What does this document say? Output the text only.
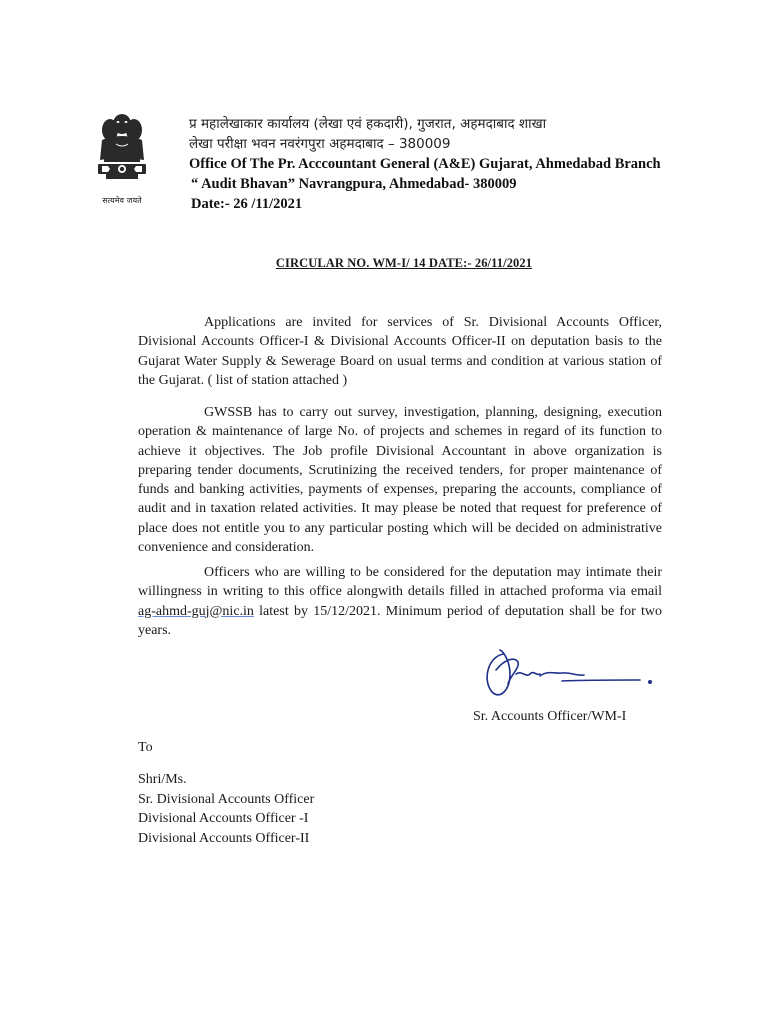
सत्यमेव जयते
प्र महालेखाकार कार्यालय (लेखा एवं हकदारी), गुजरात, अहमदाबाद शाखा
लेखा परीक्षा भवन नवरंगपुरा अहमदाबाद – 380009
Office Of The Pr. Acccountant General (A&E) Gujarat, Ahmedabad Branch
“ Audit Bhavan” Navrangpura, Ahmedabad- 380009
Date:- 26 /11/2021
CIRCULAR NO. WM-I/ 14 DATE:- 26/11/2021

Applications are invited for services of Sr. Divisional Accounts Officer, Divisional Accounts Officer-I & Divisional Accounts Officer-II on deputation basis to the Gujarat Water Supply & Sewerage Board on usual terms and condition at various station of the Gujarat. ( list of station attached )

GWSSB has to carry out survey, investigation, planning, designing, execution operation & maintenance of large No. of projects and schemes in regard of its function to achieve it objectives. The Job profile Divisional Accountant in above organization is preparing tender documents, Scrutinizing the received tenders, for proper maintenance of funds and banking activities, payments of expenses, preparing the accounts, compliance of audit and in taxation related activities. It may please be noted that request for preference of place does not entitle you to any particular posting which will be decided on administrative convenience and consideration.

Officers who are willing to be considered for the deputation may intimate their willingness in writing to this office alongwith details filled in attached proforma via email ag-ahmd-guj@nic.in latest by 15/12/2021. Minimum period of deputation shall be for two years.

Sr. Accounts Officer/WM-I
To
Shri/Ms.
Sr. Divisional Accounts Officer
Divisional Accounts Officer -I
Divisional Accounts Officer-II
